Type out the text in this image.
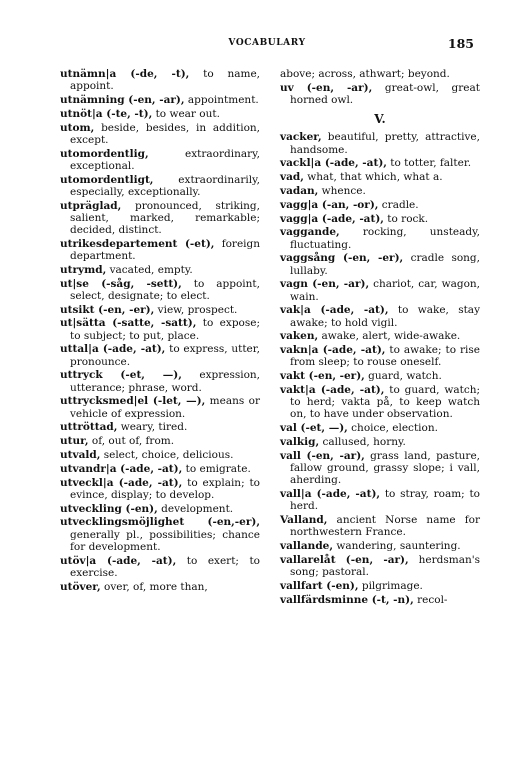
VOCABULARY	185
utnämn|a (-de, -t), to name, appoint.
utnämning (-en, -ar), appointment.
utnöt|a (-te, -t), to wear out.
utom, beside, besides, in addition, except.
utomordentlig, extraordinary, exceptional.
utomordentligt, extraordinarily, especially, exceptionally.
utpräglad, pronounced, striking, salient, marked, remarkable; decided, distinct.
utrikesdepartement (-et), foreign department.
utrymd, vacated, empty.
ut|se (-såg, -sett), to appoint, select, designate; to elect.
utsikt (-en, -er), view, prospect.
ut|sätta (-satte, -satt), to expose; to subject; to put, place.
uttal|a (-ade, -at), to express, utter, pronounce.
uttryck (-et, —), expression, utterance; phrase, word.
uttrycksmed|el (-let, —), means or vehicle of expression.
uttröttad, weary, tired.
utur, of, out of, from.
utvald, select, choice, delicious.
utvandr|a (-ade, -at), to emigrate.
utveckl|a (-ade, -at), to explain; to evince, display; to develop.
utveckling (-en), development.
utvecklingsmöjlighet (-en,-er), generally pl., possibilities; chance for development.
utöv|a (-ade, -at), to exert; to exercise.
utöver, over, of, more than,
above; across, athwart; beyond.
uv (-en, -ar), great-owl, great horned owl.
V.
vacker, beautiful, pretty, attractive, handsome.
vackl|a (-ade, -at), to totter, falter.
vad, what, that which, what a.
vadan, whence.
vagg|a (-an, -or), cradle.
vagg|a (-ade, -at), to rock.
vaggande, rocking, unsteady, fluctuating.
vaggsång (-en, -er), cradle song, lullaby.
vagn (-en, -ar), chariot, car, wagon, wain.
vak|a (-ade, -at), to wake, stay awake; to hold vigil.
vaken, awake, alert, wide-awake.
vakn|a (-ade, -at), to awake; to rise from sleep; to rouse oneself.
vakt (-en, -er), guard, watch.
vakt|a (-ade, -at), to guard, watch; to herd; vakta på, to keep watch on, to have under observation.
val (-et, —), choice, election.
valkig, callused, horny.
vall (-en, -ar), grass land, pasture, fallow ground, grassy slope; i vall, aherding.
vall|a (-ade, -at), to stray, roam; to herd.
Valland, ancient Norse name for northwestern France.
vallande, wandering, sauntering.
vallarelåt (-en, -ar), herdsman's song; pastoral.
vallfart (-en), pilgrimage.
vallfärdsminne (-t, -n), recol-
